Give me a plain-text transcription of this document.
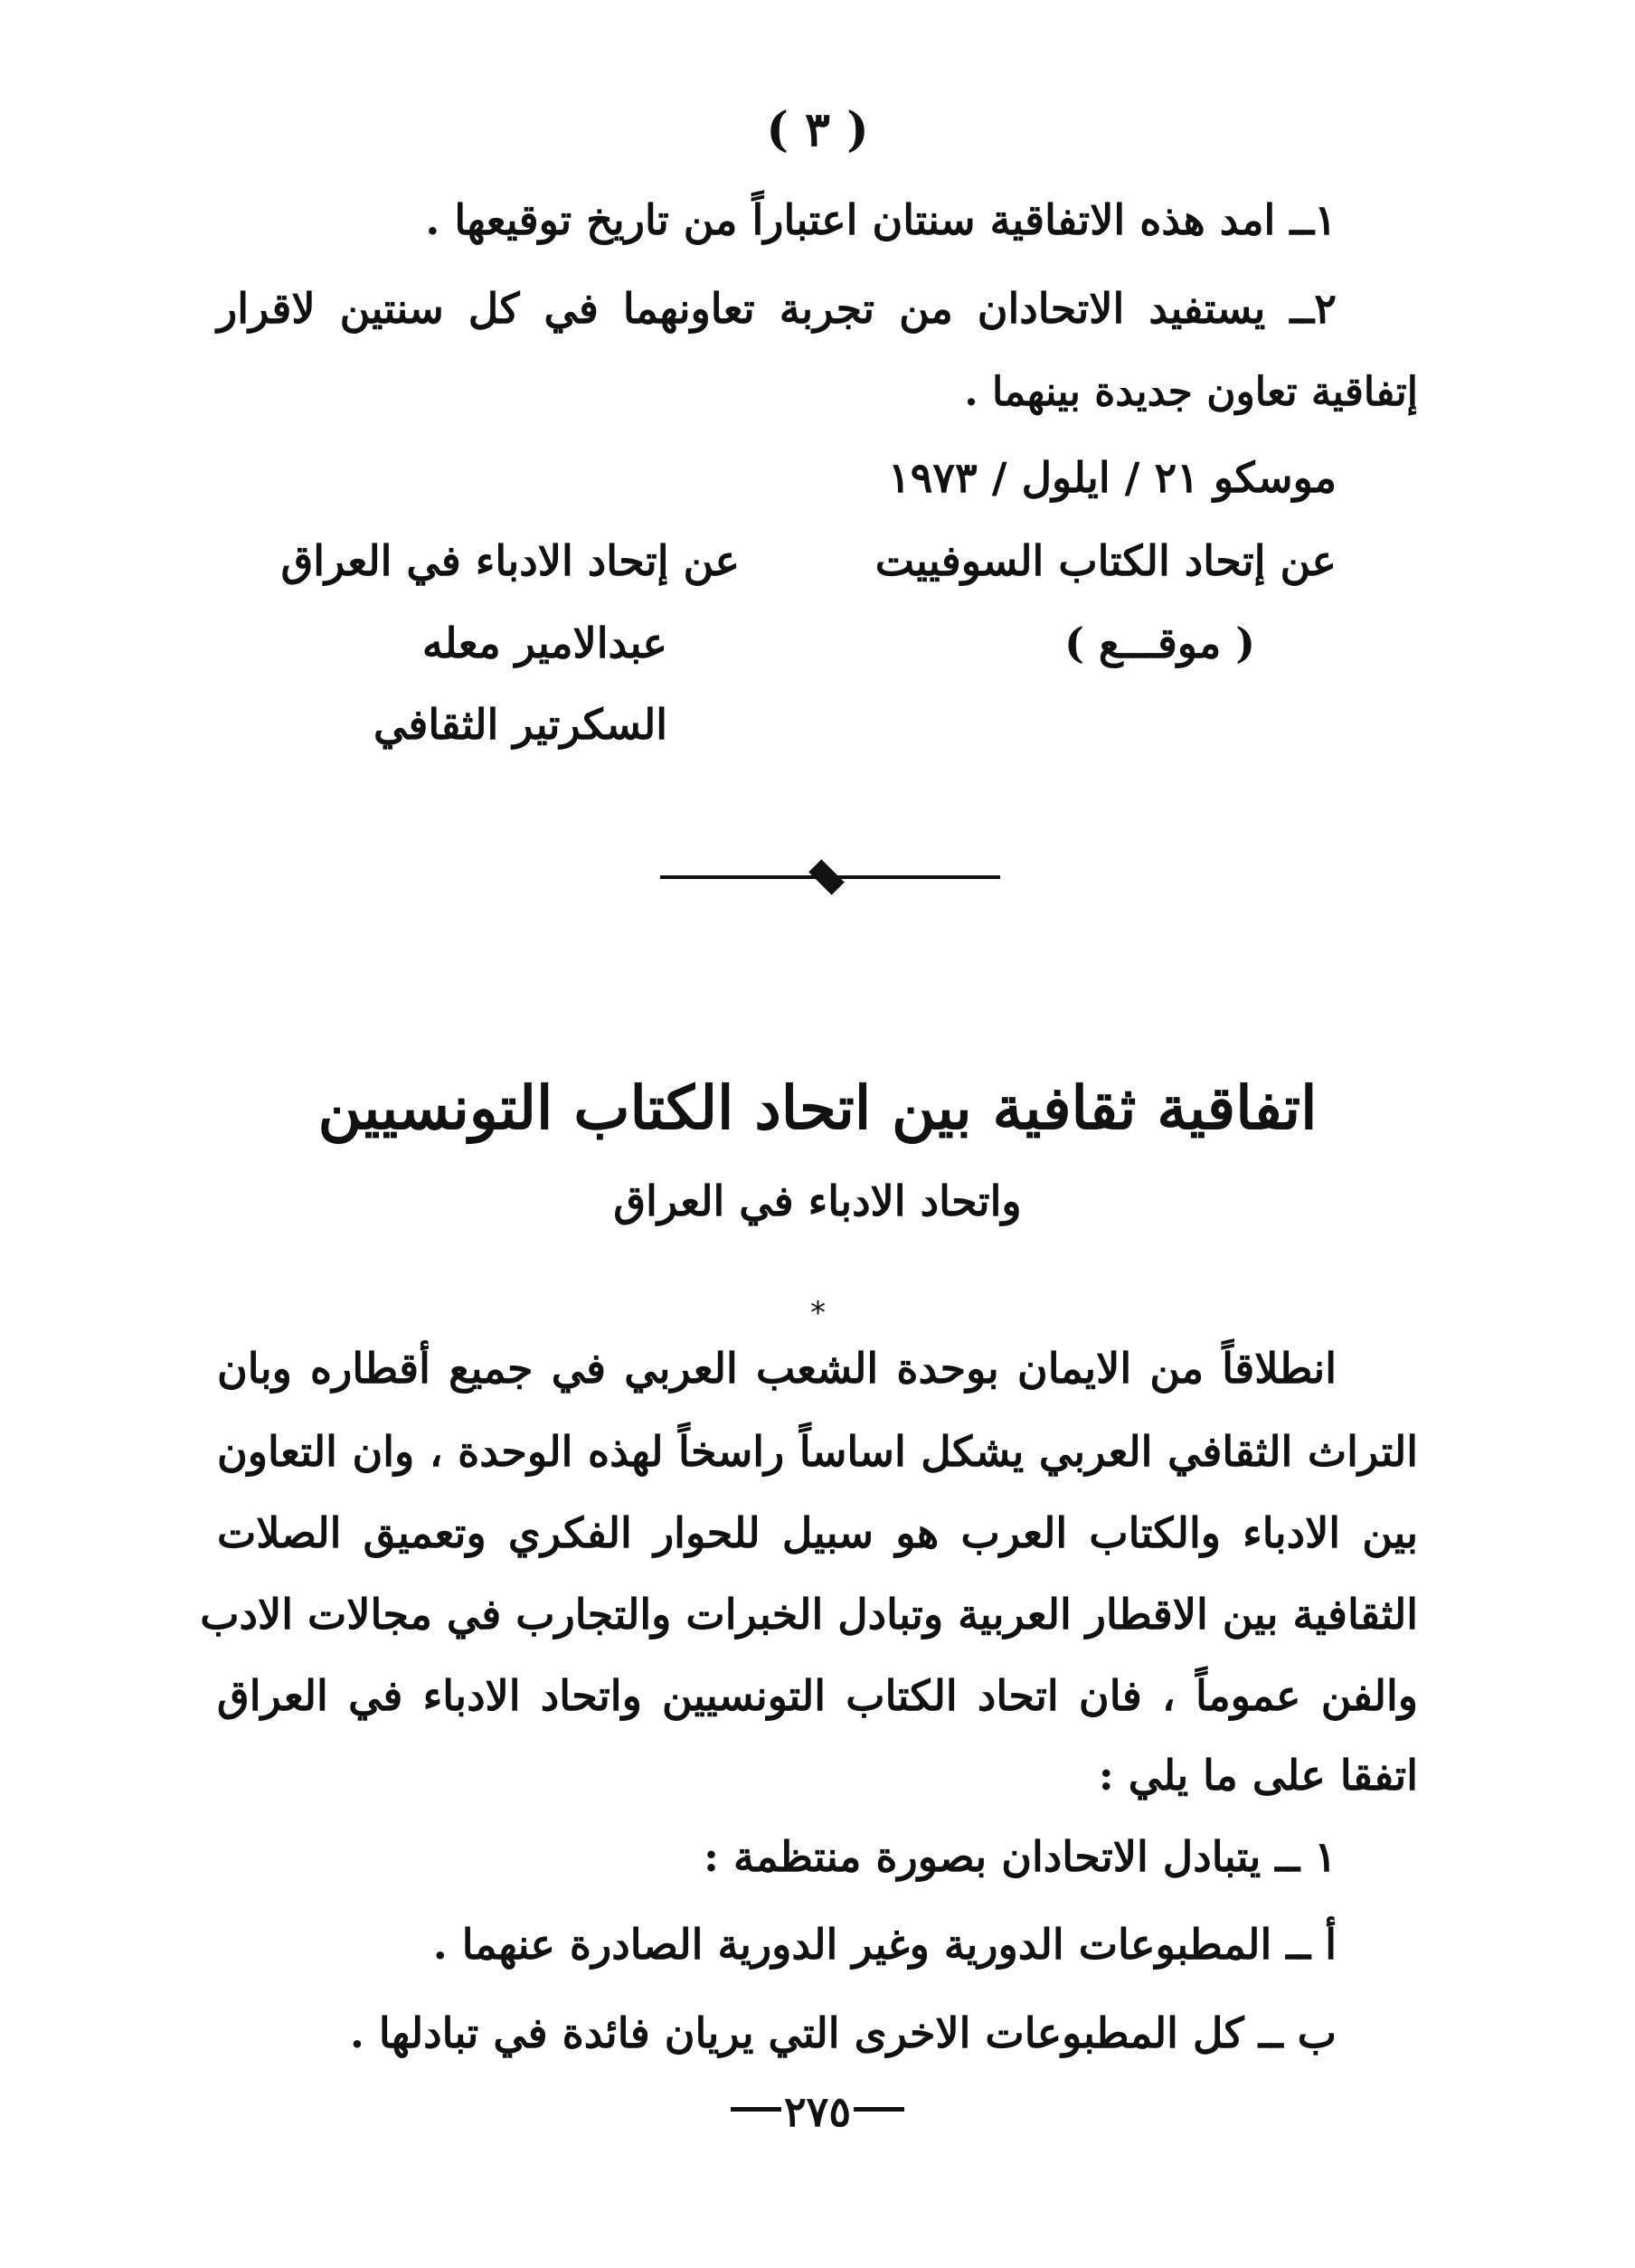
( ٣ )
١ــ امد هذه الاتفاقية سنتان اعتباراً من تاريخ توقيعها .
٢ــ يستفيد الاتحادان من تجربة تعاونهما في كل سنتين لاقرار
إتفاقية تعاون جديدة بينهما .
موسكو ٢١ / ايلول / ١٩٧٣
عن إتحاد الكتاب السوفييت
عن إتحاد الادباء في العراق
( موقـــع )
عبدالامير معله
السكرتير الثقافي
اتفاقية ثقافية بين اتحاد الكتاب التونسيين
واتحاد الادباء في العراق
*
انطلاقاً من الايمان بوحدة الشعب العربي في جميع أقطاره وبان
التراث الثقافي العربي يشكل اساساً راسخاً لهذه الوحدة ، وان التعاون
بين الادباء والكتاب العرب هو سبيل للحوار الفكري وتعميق الصلات
الثقافية بين الاقطار العربية وتبادل الخبرات والتجارب في مجالات الادب
والفن عموماً ، فان اتحاد الكتاب التونسيين واتحاد الادباء في العراق
اتفقا على ما يلي :
١ ــ يتبادل الاتحادان بصورة منتظمة :
أ ــ المطبوعات الدورية وغير الدورية الصادرة عنهما .
ب ــ كل المطبوعات الاخرى التي يريان فائدة في تبادلها .
٢٧٥
